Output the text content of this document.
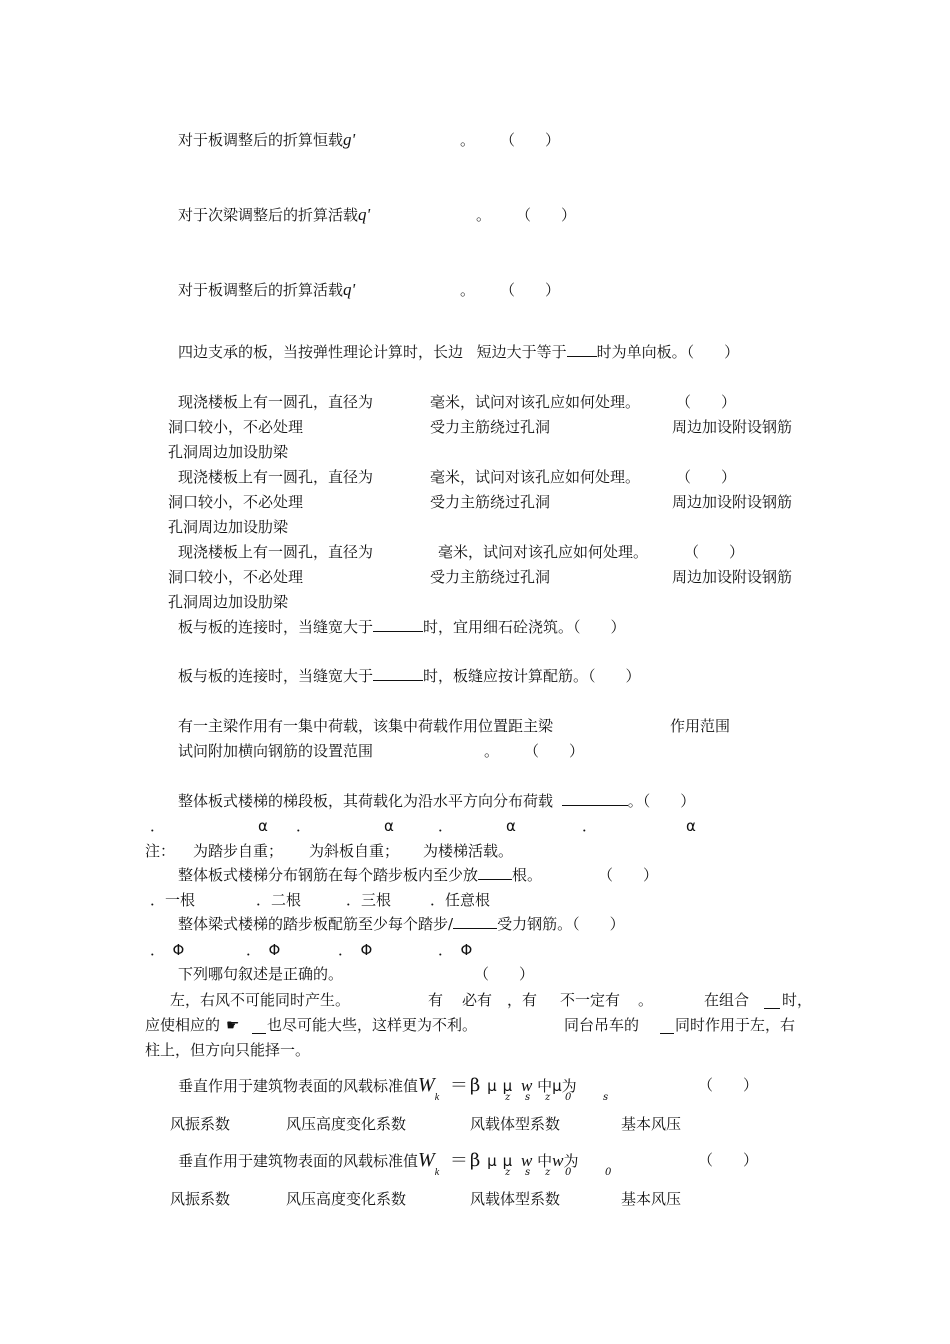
对于板调整后的折算恒载g'	。 （　　）
对于次梁调整后的折算活载q'	。 （　　）
对于板调整后的折算活载q'	。 （　　）
四边支承的板，当按弹性理论计算时，长边 短边大于等于 时为单向板。（　　）
现浇楼板上有一圆孔，直径为	毫米，试问对该孔应如何处理。 （　　）
洞口较小，不必处理	受力主筋绕过孔洞	周边加设附设钢筋
孔洞周边加设肋梁
现浇楼板上有一圆孔，直径为	毫米，试问对该孔应如何处理。 （　　）
洞口较小，不必处理	受力主筋绕过孔洞	周边加设附设钢筋
孔洞周边加设肋梁
现浇楼板上有一圆孔，直径为	毫米，试问对该孔应如何处理。 （　　）
洞口较小，不必处理	受力主筋绕过孔洞	周边加设附设钢筋
孔洞周边加设肋梁
板与板的连接时，当缝宽大于	时，宜用细石砼浇筑。（　　）
板与板的连接时，当缝宽大于	时，板缝应按计算配筋。（　　）
有一主梁作用有一集中荷载，该集中荷载作用位置距主梁	作用范围
试问附加横向钢筋的设置范围	。 （　　）
整体板式楼梯的梯段板，其荷载化为沿水平方向分布荷载	。（　　）
．	α ．	α	．	α	．	α
注： 为踏步自重； 为斜板自重； 为楼梯活载。
整体板式楼梯分布钢筋在每个踏步板内至少放 根。	（　　）
．一根	．二根	．三根	．任意根
整体梁式楼梯的踏步板配筋至少每个踏步/	受力钢筋。（　　）
．　Φ	．　Φ	．　Φ	．　Φ
下列哪句叙述是正确的。	（　　）
左，右风不可能同时产生。	有 必有 ，有 不一定有 。	在组合 时，
应使相应的 ☛ 也尽可能大些，这样更为不利。	同台吊车的 同时作用于左，右
柱上，但方向只能择一。
垂直作用于建筑物表面的风载标准值$W_k = \beta$ μ μ w 中μ为
z s z 0	s
（　　）
风振系数	风压高度变化系数	风载体型系数	基本风压
垂直作用于建筑物表面的风载标准值$W_k = \beta$ μ μ w 中w为
z s z 0	0
（　　）
风振系数	风压高度变化系数	风载体型系数	基本风压
